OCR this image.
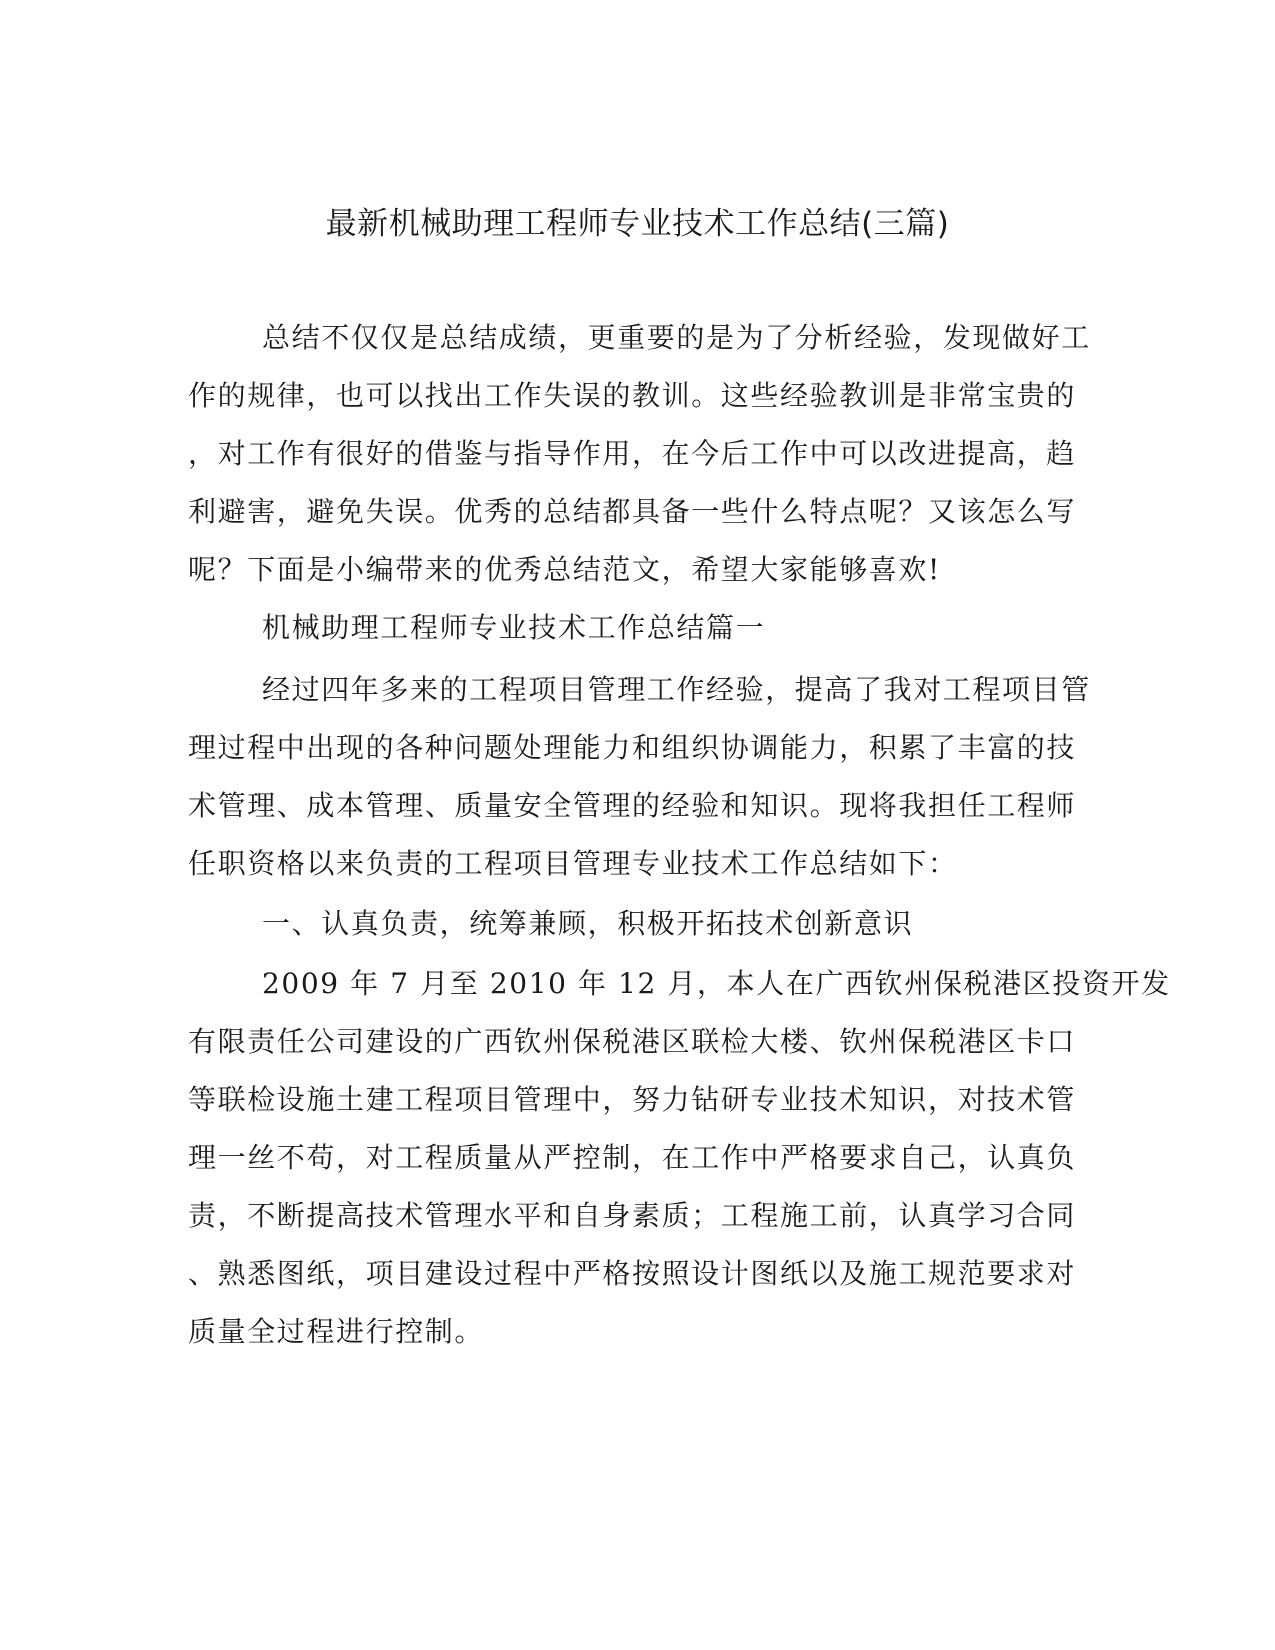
最新机械助理工程师专业技术工作总结(三篇)
总结不仅仅是总结成绩，更重要的是为了分析经验，发现做好工
作的规律，也可以找出工作失误的教训。这些经验教训是非常宝贵的
，对工作有很好的借鉴与指导作用，在今后工作中可以改进提高，趋
利避害，避免失误。优秀的总结都具备一些什么特点呢？又该怎么写
呢？下面是小编带来的优秀总结范文，希望大家能够喜欢!
机械助理工程师专业技术工作总结篇一
经过四年多来的工程项目管理工作经验，提高了我对工程项目管
理过程中出现的各种问题处理能力和组织协调能力，积累了丰富的技
术管理、成本管理、质量安全管理的经验和知识。现将我担任工程师
任职资格以来负责的工程项目管理专业技术工作总结如下：
一、认真负责，统筹兼顾，积极开拓技术创新意识
2009 年 7 月至 2010 年 12 月，本人在广西钦州保税港区投资开发
有限责任公司建设的广西钦州保税港区联检大楼、钦州保税港区卡口
等联检设施土建工程项目管理中，努力钻研专业技术知识，对技术管
理一丝不苟，对工程质量从严控制，在工作中严格要求自己，认真负
责，不断提高技术管理水平和自身素质；工程施工前，认真学习合同
、熟悉图纸，项目建设过程中严格按照设计图纸以及施工规范要求对
质量全过程进行控制。
